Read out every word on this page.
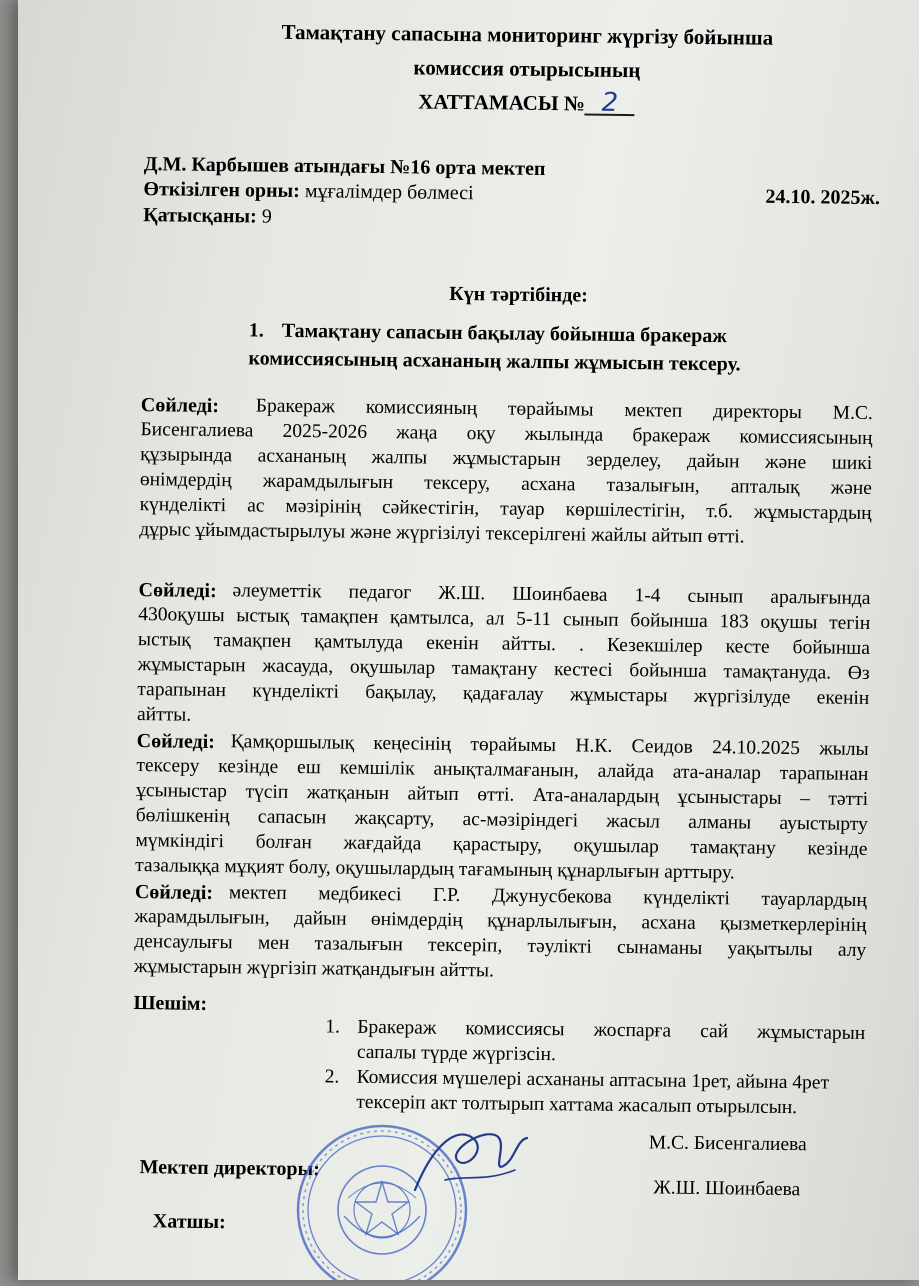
Тамақтану сапасына мониторинг жүргізу бойынша
комиссия отырысының
ХАТТАМАСЫ № 2
Д.М. Карбышев атындағы №16 орта мектеп
Өткізілген орны: мұғалімдер бөлмесі	24.10. 2025ж.
Қатысқаны: 9
Күн тәртібінде:
1. Тамақтану сапасын бақылау бойынша бракераж
комиссиясының асхананың жалпы жұмысын тексеру.
Сөйледі: Бракераж комиссияның төрайымы мектеп директоры М.С.
Бисенгалиева 2025-2026 жаңа оқу жылында бракераж комиссиясының
құзырында асхананың жалпы жұмыстарын зерделеу, дайын және шикі
өнімдердің жарамдылығын тексеру, асхана тазалығын, апталық және
күнделікті ас мәзірінің сәйкестігін, тауар көршілестігін, т.б. жұмыстардың
дұрыс ұйымдастырылуы және жүргізілуі тексерілгені жайлы айтып өтті.
Сөйледі: әлеуметтік педагог Ж.Ш. Шоинбаева 1-4 сынып аралығында
430оқушы ыстық тамақпен қамтылса, ал 5-11 сынып бойынша 183 оқушы тегін
ыстық тамақпен қамтылуда екенін айтты. . Кезекшілер кесте бойынша
жұмыстарын жасауда, оқушылар тамақтану кестесі бойынша тамақтануда. Өз
тарапынан күнделікті бақылау, қадағалау жұмыстары жүргізілуде екенін
айтты.
Сөйледі: Қамқоршылық кеңесінің төрайымы Н.К. Сеидов 24.10.2025 жылы
тексеру кезінде еш кемшілік анықталмағанын, алайда ата-аналар тарапынан
ұсыныстар түсіп жатқанын айтып өтті. Ата-аналардың ұсыныстары – тәтті
бөлішкенің сапасын жақсарту, ас-мәзіріндегі жасыл алманы ауыстырту
мүмкіндігі болған жағдайда қарастыру, оқушылар тамақтану кезінде
тазалыққа мұқият болу, оқушылардың тағамының құнарлығын арттыру.
Сөйледі: мектеп медбикесі Г.Р. Джунусбекова күнделікті тауарлардың
жарамдылығын, дайын өнімдердің құнарлылығын, асхана қызметкерлерінің
денсаулығы мен тазалығын тексеріп, тәулікті сынаманы уақытылы алу
жұмыстарын жүргізіп жатқандығын айтты.
Шешім:
1. Бракераж комиссиясы жоспарға сай жұмыстарын
сапалы түрде жүргізсін.
2. Комиссия мүшелері асхананы аптасына 1рет, айына 4рет
тексеріп акт толтырып хаттама жасалып отырылсын.
Мектеп директоры:
М.С. Бисенгалиева
Хатшы:
Ж.Ш. Шоинбаева
